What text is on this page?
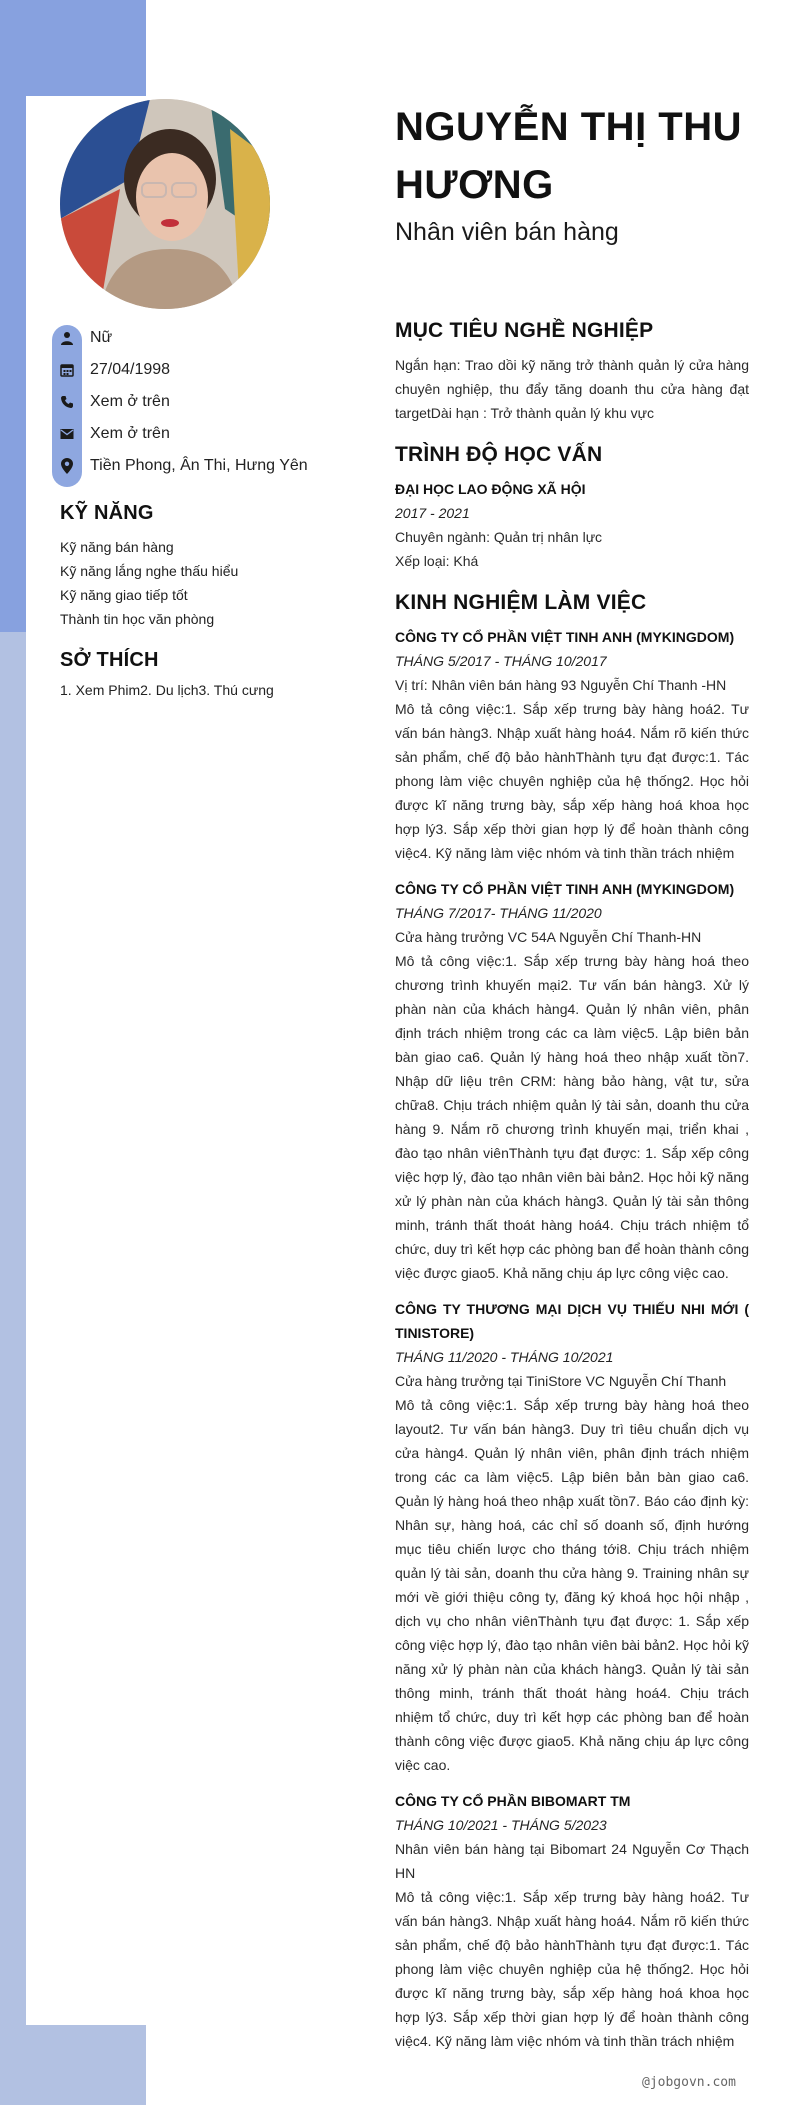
Nữ
27/04/1998
Xem ở trên
Xem ở trên
Tiền Phong, Ân Thi, Hưng Yên
KỸ NĂNG
Kỹ năng bán hàng
Kỹ năng lắng nghe thấu hiểu
Kỹ năng giao tiếp tốt
Thành tin học văn phòng
SỞ THÍCH
1. Xem Phim2. Du lịch3. Thú cưng
NGUYỄN THỊ THU HƯƠNG
Nhân viên bán hàng
MỤC TIÊU NGHỀ NGHIỆP
Ngắn hạn: Trao dồi kỹ năng trở thành quản lý cửa hàng chuyên nghiệp, thu đẩy tăng doanh thu cửa hàng đạt targetDài hạn : Trở thành quản lý khu vực
TRÌNH ĐỘ HỌC VẤN
ĐẠI HỌC LAO ĐỘNG XÃ HỘI
2017 - 2021
Chuyên ngành: Quản trị nhân lực
Xếp loại: Khá
KINH NGHIỆM LÀM VIỆC
CÔNG TY CỔ PHẦN VIỆT TINH ANH (MYKINGDOM)
THÁNG 5/2017 - THÁNG 10/2017
Vị trí: Nhân viên bán hàng 93 Nguyễn Chí Thanh -HN
Mô tả công việc:1. Sắp xếp trưng bày hàng hoá2. Tư vấn bán hàng3. Nhập xuất hàng hoá4. Nắm rõ kiến thức sản phẩm, chế độ bảo hànhThành tựu đạt được:1. Tác phong làm việc chuyên nghiệp của hệ thống2. Học hỏi được kĩ năng trưng bày, sắp xếp hàng hoá khoa học hợp lý3. Sắp xếp thời gian hợp lý để hoàn thành công việc4. Kỹ năng làm việc nhóm và tinh thần trách nhiệm
CÔNG TY CỔ PHẦN VIỆT TINH ANH (MYKINGDOM)
THÁNG 7/2017- THÁNG 11/2020
Cửa hàng trưởng VC 54A Nguyễn Chí Thanh-HN
Mô tả công việc:1. Sắp xếp trưng bày hàng hoá theo chương trình khuyến mại2. Tư vấn bán hàng3. Xử lý phàn nàn của khách hàng4. Quản lý nhân viên, phân định trách nhiệm trong các ca làm việc5. Lập biên bản bàn giao ca6. Quản lý hàng hoá theo nhập xuất tồn7. Nhập dữ liệu trên CRM: hàng bảo hàng, vật tư, sửa chữa8. Chịu trách nhiệm quản lý tài sản, doanh thu cửa hàng 9. Nắm rõ chương trình khuyến mại, triển khai , đào tạo nhân viênThành tựu đạt được: 1. Sắp xếp công việc hợp lý, đào tạo nhân viên bài bản2. Học hỏi kỹ năng xử lý phàn nàn của khách hàng3. Quản lý tài sản thông minh, tránh thất thoát hàng hoá4. Chịu trách nhiệm tổ chức, duy trì kết hợp các phòng ban để hoàn thành công việc được giao5. Khả năng chịu áp lực công việc cao.
CÔNG TY THƯƠNG MẠI DỊCH VỤ THIẾU NHI MỚI ( TINISTORE)
THÁNG 11/2020 - THÁNG 10/2021
Cửa hàng trưởng tại TiniStore VC Nguyễn Chí Thanh
Mô tả công việc:1. Sắp xếp trưng bày hàng hoá theo layout2. Tư vấn bán hàng3. Duy trì tiêu chuẩn dịch vụ cửa hàng4. Quản lý nhân viên, phân định trách nhiệm trong các ca làm việc5. Lập biên bản bàn giao ca6. Quản lý hàng hoá theo nhập xuất tồn7. Báo cáo định kỳ: Nhân sự, hàng hoá, các chỉ số doanh số, định hướng mục tiêu chiến lược cho tháng tới8. Chịu trách nhiệm quản lý tài sản, doanh thu cửa hàng 9. Training nhân sự mới về giới thiệu công ty, đăng ký khoá học hội nhập , dịch vụ cho nhân viênThành tựu đạt được: 1. Sắp xếp công việc hợp lý, đào tạo nhân viên bài bản2. Học hỏi kỹ năng xử lý phàn nàn của khách hàng3. Quản lý tài sản thông minh, tránh thất thoát hàng hoá4. Chịu trách nhiệm tổ chức, duy trì kết hợp các phòng ban để hoàn thành công việc được giao5. Khả năng chịu áp lực công việc cao.
CÔNG TY CỔ PHẦN BIBOMART TM
THÁNG 10/2021 - THÁNG 5/2023
Nhân viên bán hàng tại Bibomart 24 Nguyễn Cơ Thạch HN
Mô tả công việc:1. Sắp xếp trưng bày hàng hoá2. Tư vấn bán hàng3. Nhập xuất hàng hoá4. Nắm rõ kiến thức sản phẩm, chế độ bảo hànhThành tựu đạt được:1. Tác phong làm việc chuyên nghiệp của hệ thống2. Học hỏi được kĩ năng trưng bày, sắp xếp hàng hoá khoa học hợp lý3. Sắp xếp thời gian hợp lý để hoàn thành công việc4. Kỹ năng làm việc nhóm và tinh thần trách nhiệm
@jobgovn.com
